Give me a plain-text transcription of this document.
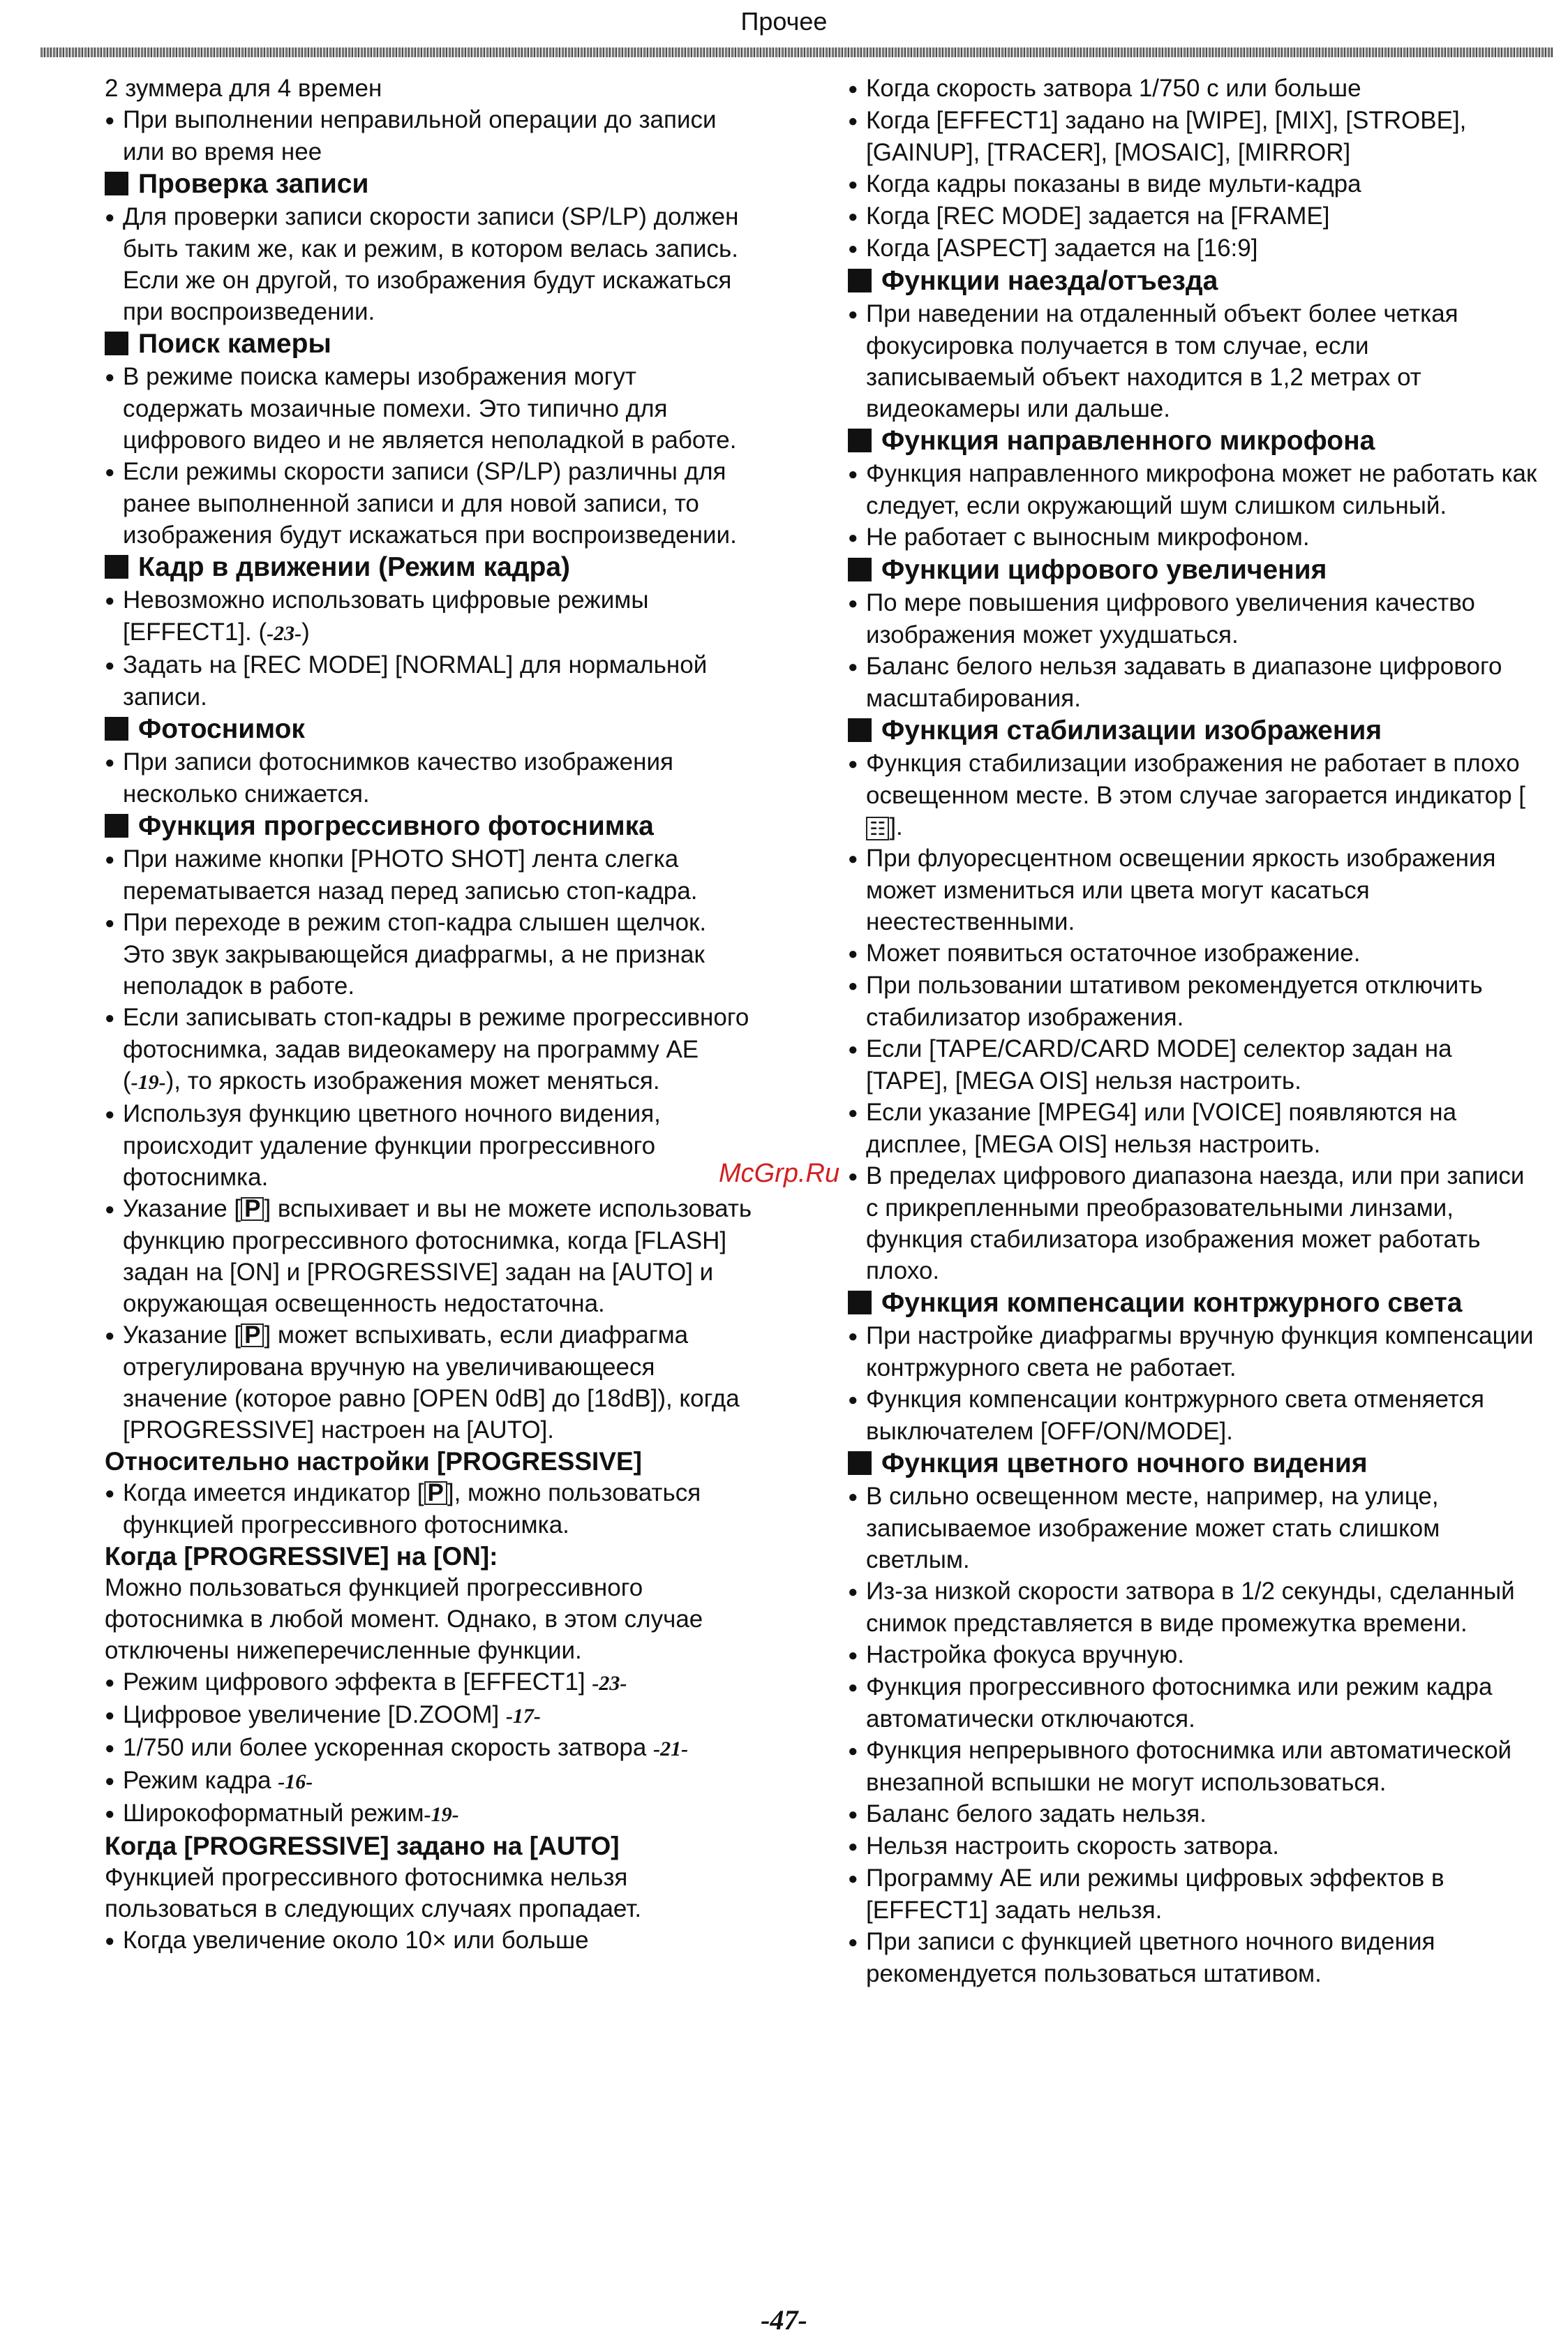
Прочее

2 зуммера для 4 времен

● При выполнении неправильной операции до записи или во время нее

Проверка записи

● Для проверки записи скорости записи (SP/LP) должен быть таким же, как и режим, в котором велась запись. Если же он другой, то изображения будут искажаться при воспроизведении.

Поиск камеры

● В режиме поиска камеры изображения могут содержать мозаичные помехи. Это типично для цифрового видео и не является неполадкой в работе.

● Если режимы скорости записи (SP/LP) различны для ранее выполненной записи и для новой записи, то изображения будут искажаться при воспроизведении.

Кадр в движении (Режим кадра)

● Невозможно использовать цифровые режимы [EFFECT1]. (-23-)

● Задать на [REC MODE] [NORMAL] для нормальной записи.

Фотоснимок

● При записи фотоснимков качество изображения несколько снижается.

Функция прогрессивного фотоснимка

● При нажиме кнопки [PHOTO SHOT] лента слегка перематывается назад перед записью стоп-кадра.

● При переходе в режим стоп-кадра слышен щелчок. Это звук закрывающейся диафрагмы, а не признак неполадок в работе.

● Если записывать стоп-кадры в режиме прогрессивного фотоснимка, задав видеокамеру на программу AE (-19-), то яркость изображения может меняться.

● Используя функцию цветного ночного видения, происходит удаление функции прогрессивного фотоснимка.

● Указание [ P ] вспыхивает и вы не можете использовать функцию прогрессивного фотоснимка, когда [FLASH] задан на [ON] и [PROGRESSIVE] задан на [AUTO] и окружающая освещенность недостаточна.

● Указание [ P ] может вспыхивать, если диафрагма отрегулирована вручную на увеличивающееся значение (которое равно [OPEN 0dB] до [18dB]), когда [PROGRESSIVE] настроен на [AUTO].

Относительно настройки [PROGRESSIVE]

● Когда имеется индикатор [ P ], можно пользоваться функцией прогрессивного фотоснимка.

Когда [PROGRESSIVE] на [ON]:

Можно пользоваться функцией прогрессивного фотоснимка в любой момент. Однако, в этом случае отключены нижеперечисленные функции.

● Режим цифрового эффекта в [EFFECT1] -23-

● Цифровое увеличение [D.ZOOM] -17-

● 1/750 или более ускоренная скорость затвора -21-

● Режим кадра -16-

● Широкоформатный режим-19-

Когда [PROGRESSIVE] задано на [AUTO]

Функцией прогрессивного фотоснимка нельзя пользоваться в следующих случаях пропадает.

● Когда увеличение около 10× или больше

● Когда скорость затвора 1/750 с или больше

● Когда [EFFECT1] задано на [WIPE], [MIX], [STROBE], [GAINUP], [TRACER], [MOSAIC], [MIRROR]

● Когда кадры показаны в виде мульти-кадра

● Когда [REC MODE] задается на [FRAME]

● Когда [ASPECT] задается на [16:9]

Функции наезда/отъезда

● При наведении на отдаленный объект более четкая фокусировка получается в том случае, если записываемый объект находится в 1,2 метрах от видеокамеры или дальше.

Функция направленного микрофона

● Функция направленного микрофона может не работать как следует, если окружающий шум слишком сильный.

● Не работает с выносным микрофоном.

Функции цифрового увеличения

● По мере повышения цифрового увеличения качество изображения может ухудшаться.

● Баланс белого нельзя задавать в диапазоне цифрового масштабирования.

Функция стабилизации изображения

● Функция стабилизации изображения не работает в плохо освещенном месте. В этом случае загорается индикатор [☷ ].

● При флуоресцентном освещении яркость изображения может измениться или цвета могут касаться неестественными.

● Может появиться остаточное изображение.

● При пользовании штативом рекомендуется отключить стабилизатор изображения.

● Если [TAPE/CARD/CARD MODE] селектор задан на [TAPE], [MEGA OIS] нельзя настроить.

● Если указание [MPEG4] или [VOICE] появляются на дисплее, [MEGA OIS] нельзя настроить.

● В пределах цифрового диапазона наезда, или при записи с прикрепленными преобразовательными линзами, функция стабилизатора изображения может работать плохо.

Функция компенсации контржурного света

● При настройке диафрагмы вручную функция компенсации контржурного света не работает.

● Функция компенсации контржурного света отменяется выключателем [OFF/ON/MODE].

Функция цветного ночного видения

● В сильно освещенном месте, например, на улице, записываемое изображение может стать слишком светлым.

● Из-за низкой скорости затвора в 1/2 секунды, сделанный снимок представляется в виде промежутка времени.

● Настройка фокуса вручную.

● Функция прогрессивного фотоснимка или режим кадра автоматически отключаются.

● Функция непрерывного фотоснимка или автоматической внезапной вспышки не могут использоваться.

● Баланс белого задать нельзя.

● Нельзя настроить скорость затвора.

● Программу AE или режимы цифровых эффектов в [EFFECT1] задать нельзя.

● При записи с функцией цветного ночного видения рекомендуется пользоваться штативом.

McGrp.Ru
-47-
